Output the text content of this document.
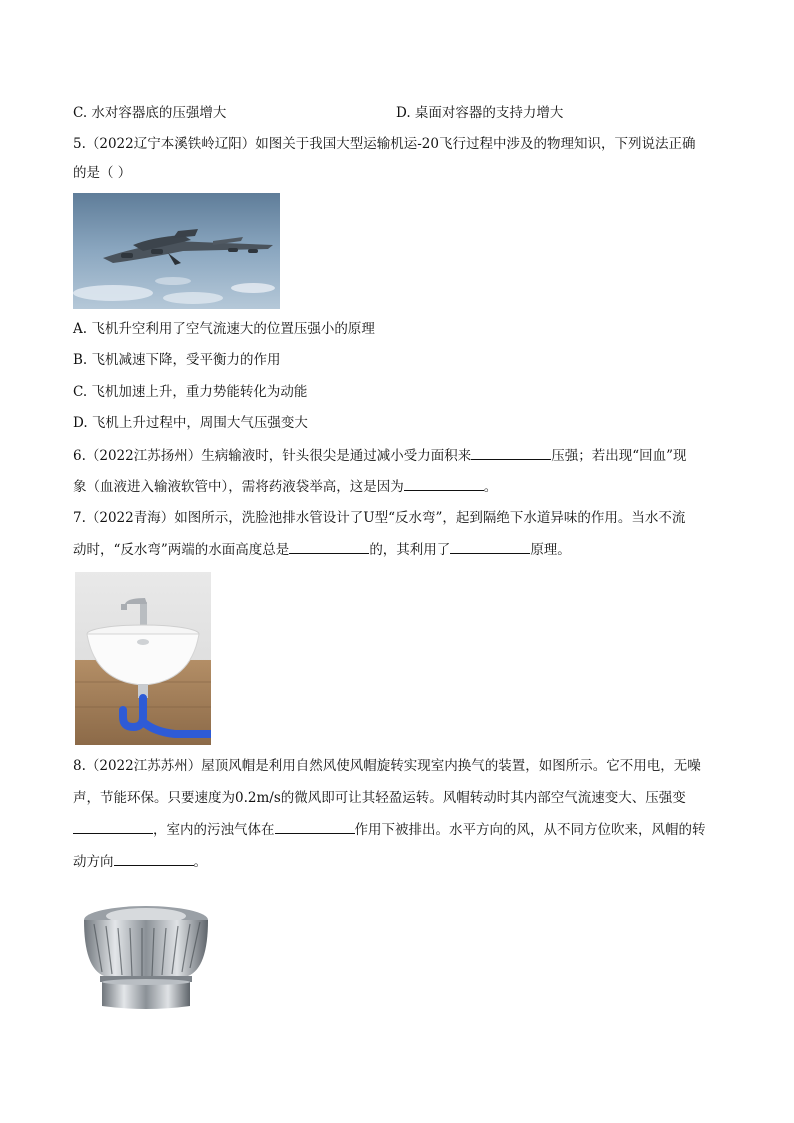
C. 水对容器底的压强增大	D. 桌面对容器的支持力增大
5.（2022辽宁本溪铁岭辽阳）如图关于我国大型运输机运-20飞行过程中涉及的物理知识，下列说法正确
的是（ ）
A. 飞机升空利用了空气流速大的位置压强小的原理
B. 飞机减速下降，受平衡力的作用
C. 飞机加速上升，重力势能转化为动能
D. 飞机上升过程中，周围大气压强变大
6.（2022江苏扬州）生病输液时，针头很尖是通过减小受力面积来	压强；若出现“回血”现
象（血液进入输液软管中），需将药液袋举高，这是因为	。
7.（2022青海）如图所示，洗脸池排水管设计了U型“反水弯”，起到隔绝下水道异味的作用。当水不流
动时，“反水弯”两端的水面高度总是	的，其利用了	原理。
8.（2022江苏苏州）屋顶风帽是利用自然风使风帽旋转实现室内换气的装置，如图所示。它不用电，无噪
声，节能环保。只要速度为0.2m/s的微风即可让其轻盈运转。风帽转动时其内部空气流速变大、压强变
，室内的污浊气体在	作用下被排出。水平方向的风，从不同方位吹来，风帽的转
动方向	。
